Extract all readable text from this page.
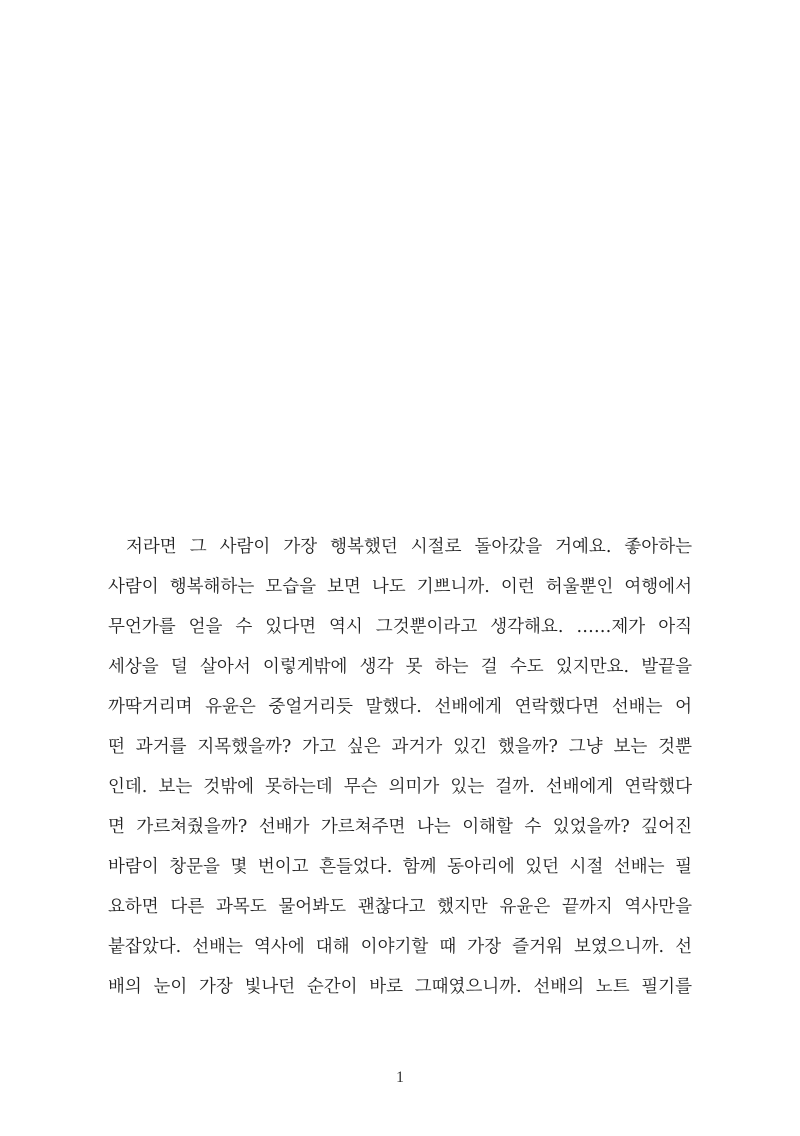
저라면 그 사람이 가장 행복했던 시절로 돌아갔을 거예요. 좋아하는
사람이 행복해하는 모습을 보면 나도 기쁘니까. 이런 허울뿐인 여행에서
무언가를 얻을 수 있다면 역시 그것뿐이라고 생각해요. ……제가 아직
세상을 덜 살아서 이렇게밖에 생각 못 하는 걸 수도 있지만요. 발끝을
까딱거리며 유윤은 중얼거리듯 말했다. 선배에게 연락했다면 선배는 어
떤 과거를 지목했을까? 가고 싶은 과거가 있긴 했을까? 그냥 보는 것뿐
인데. 보는 것밖에 못하는데 무슨 의미가 있는 걸까. 선배에게 연락했다
면 가르쳐줬을까? 선배가 가르쳐주면 나는 이해할 수 있었을까? 깊어진
바람이 창문을 몇 번이고 흔들었다. 함께 동아리에 있던 시절 선배는 필
요하면 다른 과목도 물어봐도 괜찮다고 했지만 유윤은 끝까지 역사만을
붙잡았다. 선배는 역사에 대해 이야기할 때 가장 즐거워 보였으니까. 선
배의 눈이 가장 빛나던 순간이 바로 그때였으니까. 선배의 노트 필기를
1
